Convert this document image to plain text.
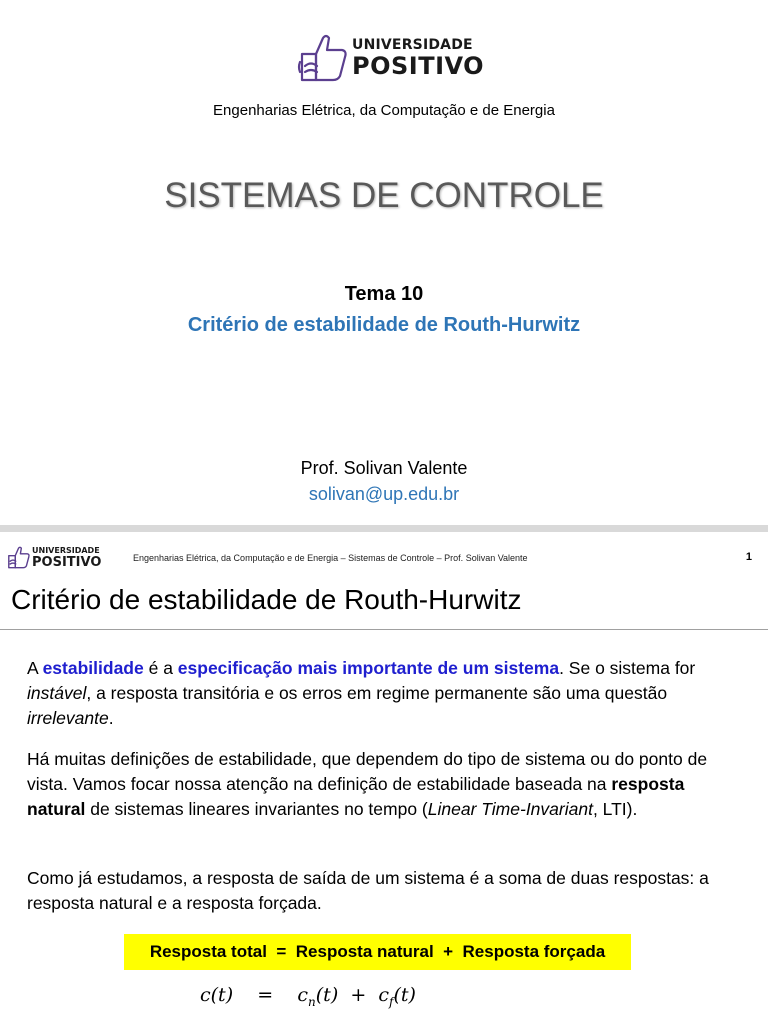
UNIVERSIDADE
POSITIVO
Engenharias Elétrica, da Computação e de Energia
SISTEMAS DE CONTROLE
Tema 10
Critério de estabilidade de Routh-Hurwitz
Prof. Solivan Valente
solivan@up.edu.br
UNIVERSIDADE
POSITIVO	Engenharias Elétrica, da Computação e de Energia – Sistemas de Controle – Prof. Solivan Valente	1
Critério de estabilidade de Routh-Hurwitz
A estabilidade é a especificação mais importante de um sistema. Se o sistema for instável, a resposta transitória e os erros em regime permanente são uma questão irrelevante.
Há muitas definições de estabilidade, que dependem do tipo de sistema ou do ponto de vista. Vamos focar nossa atenção na definição de estabilidade baseada na resposta natural de sistemas lineares invariantes no tempo (Linear Time-Invariant, LTI).
Como já estudamos, a resposta de saída de um sistema é a soma de duas respostas: a resposta natural e a resposta forçada.
Resposta total  =  Resposta natural  +  Resposta forçada
$c(t) = c_n(t) + c_f(t)$
